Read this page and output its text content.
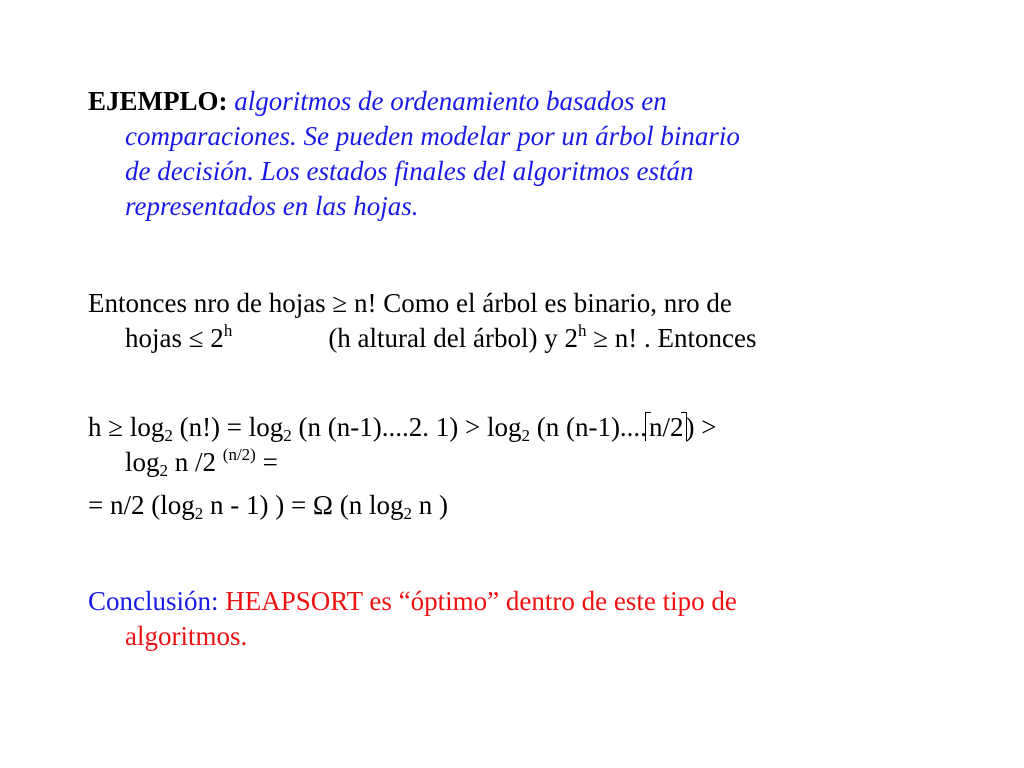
EJEMPLO: algoritmos de ordenamiento basados en
comparaciones. Se pueden modelar por un árbol binario
de decisión. Los estados finales del algoritmos están
representados en las hojas.
Entonces nro de hojas ≥ n! Como el árbol es binario, nro de
hojas ≤ $2^h$	(h altural del árbol) y $2^h \ge n$! . Entonces
$h \ge \log_2 (n!) = \log_2 (n$ (n-1)....2. $1) > \log_2 (n$ (n-1)....n/2) >
$\log_2 n$ /2 $^{(n/2)}$ =
= n/2 ($\log_2$ n - 1) ) = Ω (n $\log_2 n$ )
Conclusión: HEAPSORT es “óptimo” dentro de este tipo de
algoritmos.
